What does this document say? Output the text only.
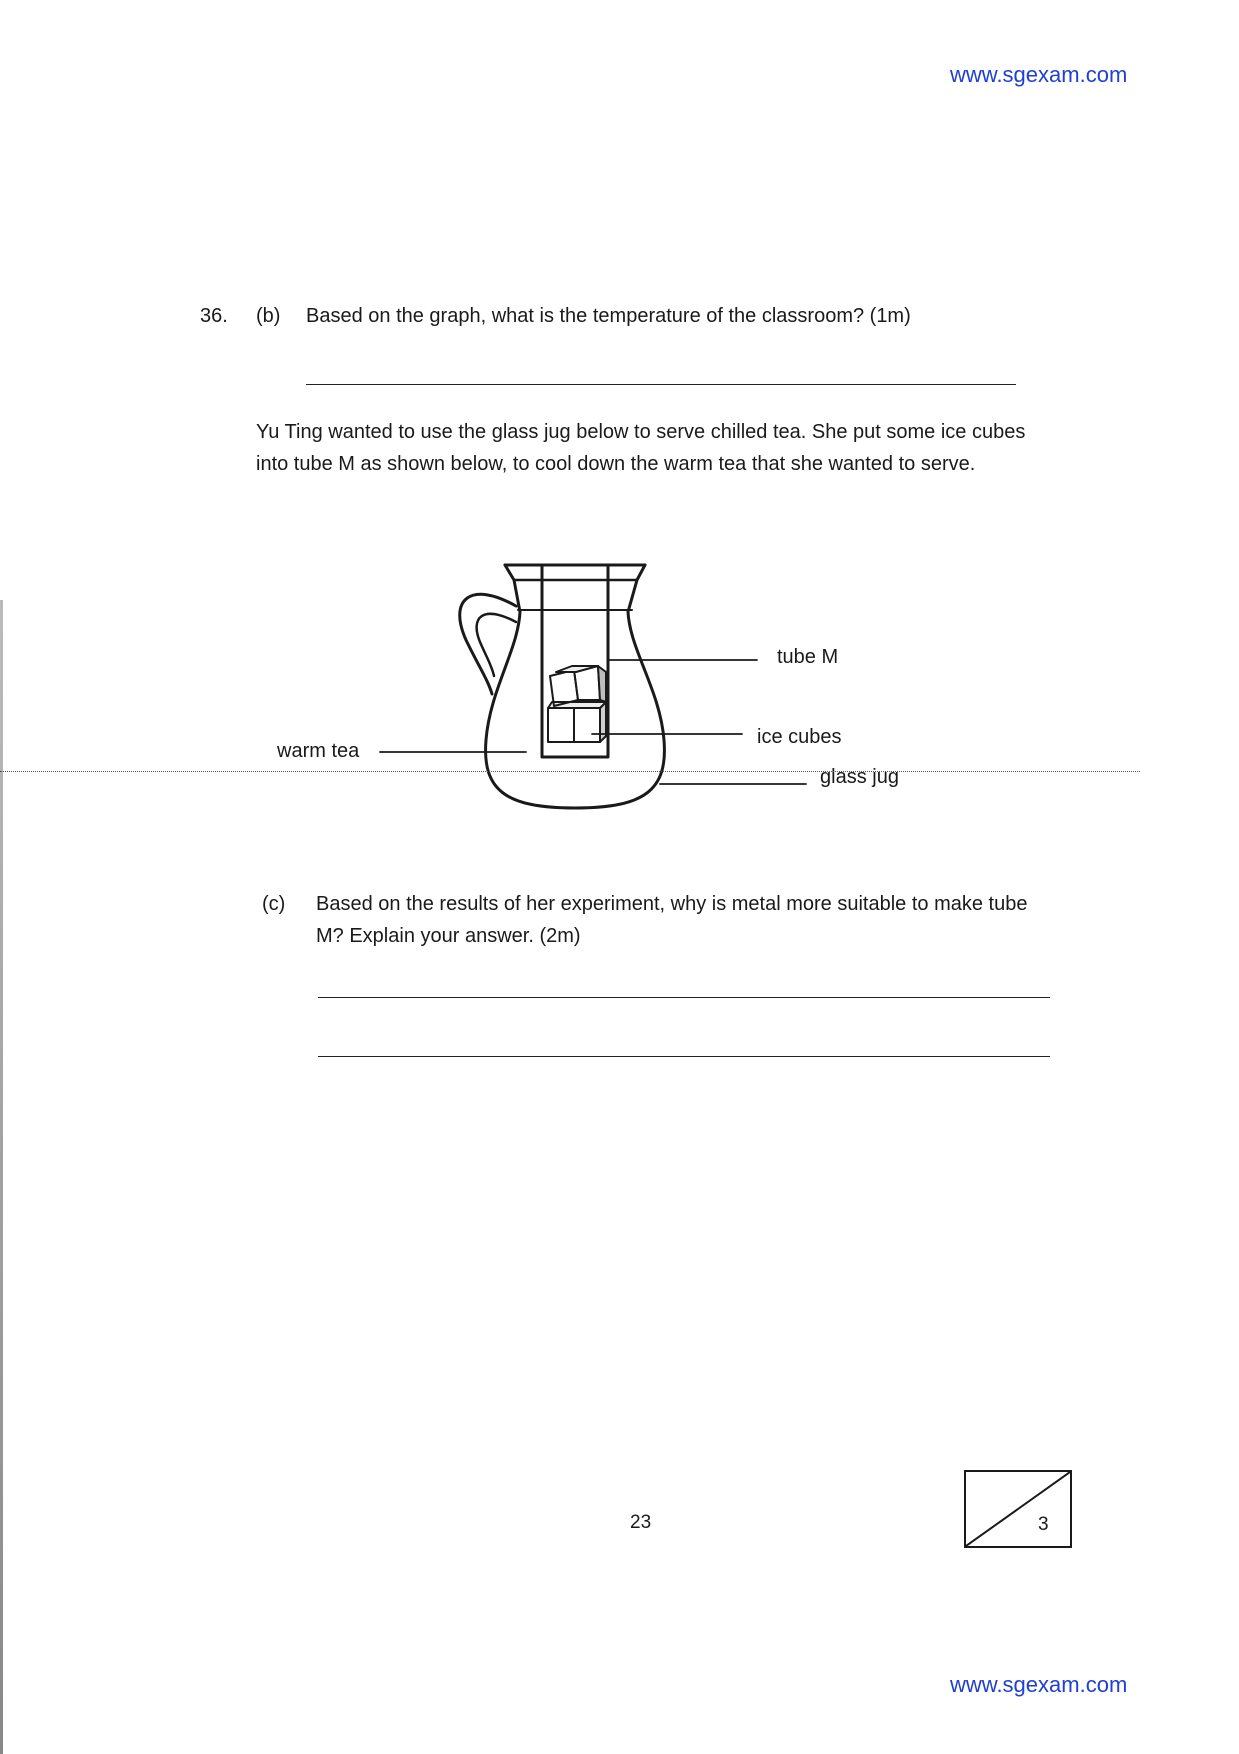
www.sgexam.com
36. (b) Based on the graph, what is the temperature of the classroom? (1m)
Yu Ting wanted to use the glass jug below to serve chilled tea. She put some ice cubes into tube M as shown below, to cool down the warm tea that she wanted to serve.
tube M
ice cubes
warm tea
glass jug
(c) Based on the results of her experiment, why is metal more suitable to make tube M? Explain your answer. (2m)
23	3
www.sgexam.com
